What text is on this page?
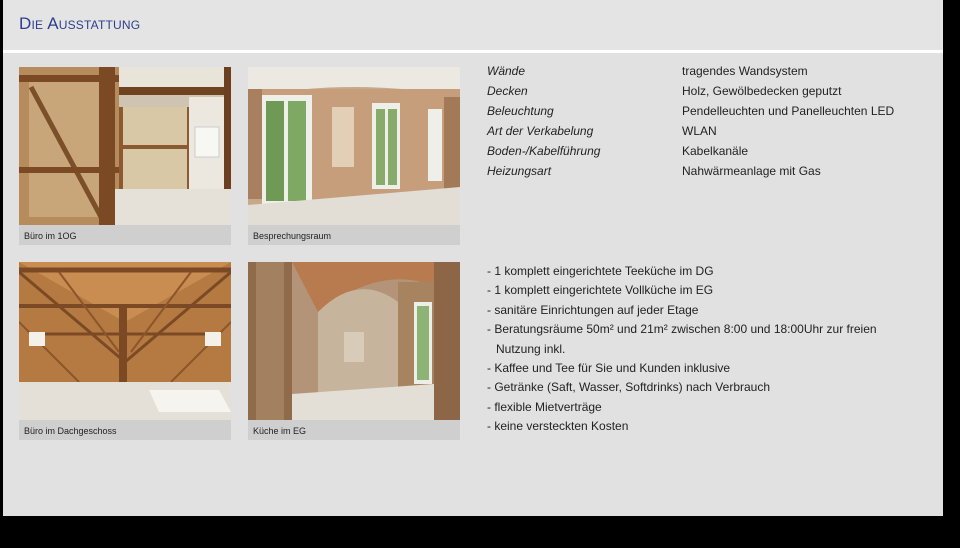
Die Ausstattung
Büro im 1OG	Besprechungsraum
Büro im Dachgeschoss	Küche im EG
Wände	tragendes Wandsystem
Decken	Holz, Gewölbedecken geputzt
Beleuchtung	Pendelleuchten und Panelleuchten LED
Art der Verkabelung	WLAN
Boden-/Kabelführung	Kabelkanäle
Heizungsart	Nahwärmeanlage mit Gas
- 1 komplett eingerichtete Teeküche im DG
- 1 komplett eingerichtete Vollküche im EG
- sanitäre Einrichtungen auf jeder Etage
- Beratungsräume 50m² und 21m² zwischen 8:00 und 18:00Uhr zur freien Nutzung inkl.
- Kaffee und Tee für Sie und Kunden inklusive
- Getränke (Saft, Wasser, Softdrinks) nach Verbrauch
- flexible Mietverträge
- keine versteckten Kosten
